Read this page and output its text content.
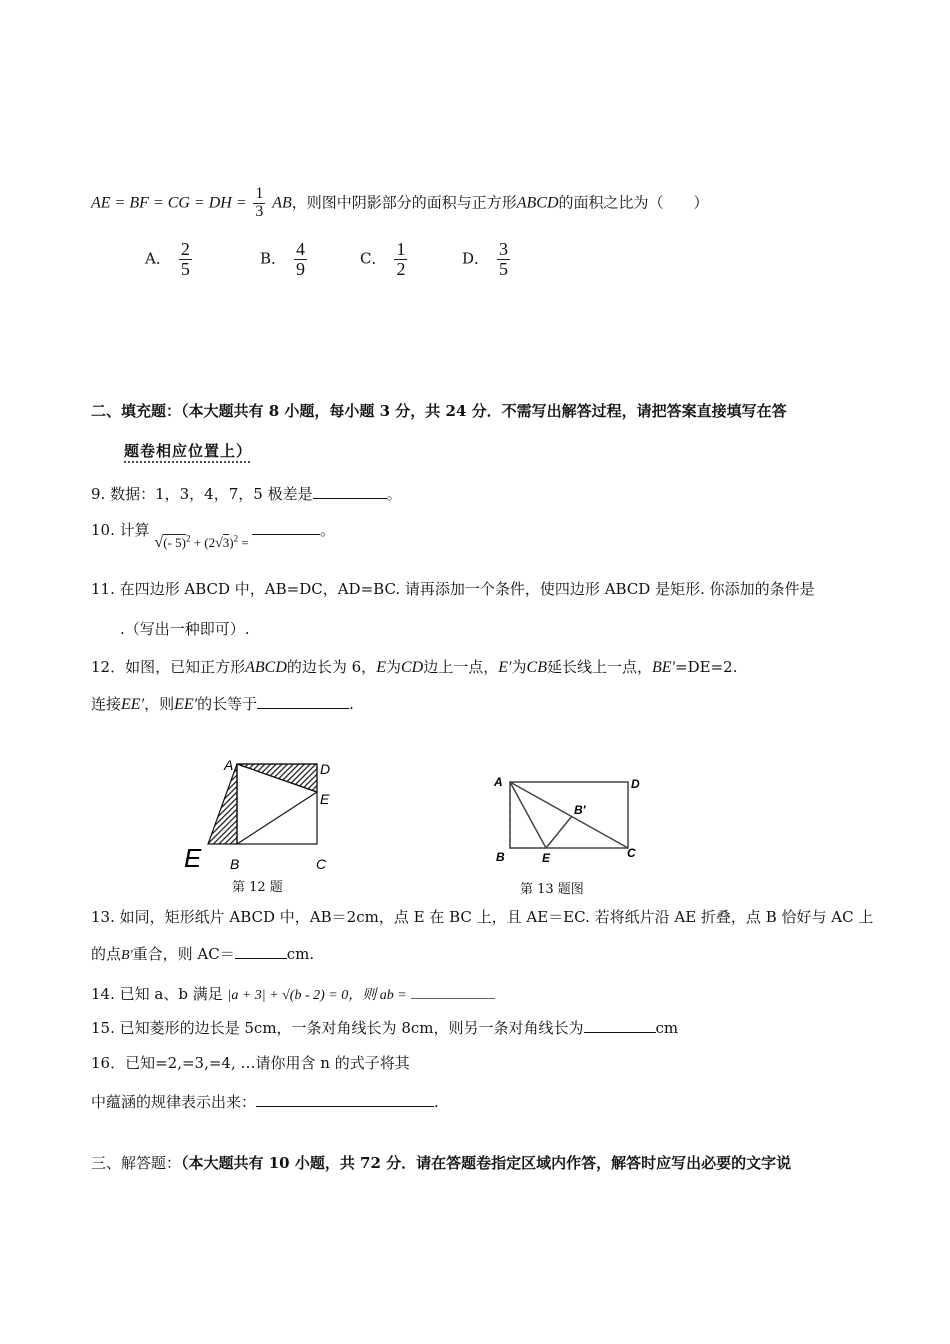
AE = BF = CG = DH = $\frac{1}{3}$ AB，则图中阴影部分的面积与正方形ABCD的面积之比为（　　）
A． $\frac{2}{5}$	B． $\frac{4}{9}$	C． $\frac{1}{2}$	D． $\frac{3}{5}$
二、填充题：（本大题共有 8 小题，每小题 3 分，共 24 分．不需写出解答过程，请把答案直接填写在答
题卷相应位置上）
9. 数据：1，3，4，7，5 极差是	。
10. 计算 √(- $5)^2 + (2√3)^2$ = 。
11. 在四边形 ABCD 中，AB=DC，AD=BC. 请再添加一个条件，使四边形 ABCD 是矩形. 你添加的条件是
.（写出一种即可）.
12．如图，已知正方形ABCD的边长为 6，E为CD边上一点，E′为CB延长线上一点，BE′=DE=2.
连接EE′，则EE′的长等于	.
A	D
E
E B	C
第 12 题
A	D
B′
B	E	C
第 13 题图
13. 如同，矩形纸片 ABCD 中，AB＝2cm，点 E 在 BC 上，且 AE＝EC. 若将纸片沿 AE 折叠，点 B 恰好与 AC 上
的点B′重合，则 AC＝	cm.
14. 已知 a、b 满足 |a + 3| + √(b - 2) = 0，则 ab =
15. 已知菱形的边长是 5cm，一条对角线长为 8cm，则另一条对角线长为	cm
16．已知=2,=3,=4, …请你用含 n 的式子将其
中蕴涵的规律表示出来：	.
三、解答题：（本大题共有 10 小题，共 72 分．请在答题卷指定区域内作答，解答时应写出必要的文字说
